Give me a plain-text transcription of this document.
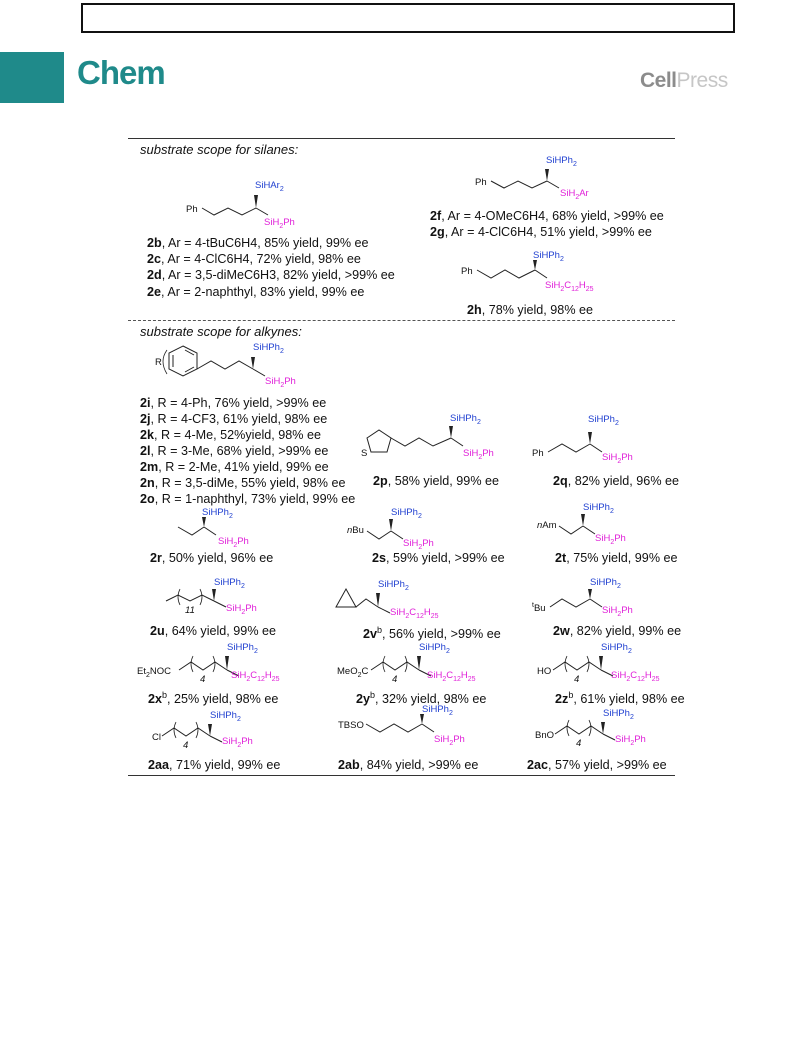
Chem	CellPress
substrate scope for silanes:
substrate scope for alkynes:
Ph
SiHAr$_2$
SiH$_2$Ph
Ph
SiHPh$_2$
SiH$_2$Ar
Ph
SiHPh$_2$
$SiH_2C_{12}H_{25}$
2b, Ar = 4-tBuC6H4, 85% yield, 99% ee
2c, Ar = 4-ClC6H4, 72% yield, 98% ee
2d, Ar = 3,5-diMeC6H3, 82% yield, >99% ee
2e, Ar = 2-naphthyl, 83% yield, 99% ee
2f, Ar = 4-OMeC6H4, 68% yield, >99% ee
2g, Ar = 4-ClC6H4, 51% yield, >99% ee
2h, 78% yield, 98% ee
R
SiHPh$_2$
SiH$_2$Ph
2i, R = 4-Ph, 76% yield, >99% ee
2j, R = 4-CF3, 61% yield, 98% ee
2k, R = 4-Me, 52%yield, 98% ee
2l, R = 3-Me, 68% yield, >99% ee
2m, R = 2-Me, 41% yield, 99% ee
2n, R = 3,5-diMe, 55% yield, 98% ee
2o, R = 1-naphthyl, 73% yield, 99% ee
S
SiHPh$_2$
SiH$_2$Ph
2p, 58% yield, 99% ee
Ph
SiHPh$_2$
SiH$_2$Ph
2q, 82% yield, 96% ee
SiHPh$_2$
SiH$_2$Ph
2r, 50% yield, 96% ee
nBu
SiHPh$_2$
SiH$_2$Ph
2s, 59% yield, >99% ee
nAm
SiHPh$_2$
SiH$_2$Ph
2t, 75% yield, 99% ee
11
SiHPh$_2$
SiH$_2$Ph
2u, 64% yield, 99% ee
SiHPh$_2$
$SiH_2C_{12}H_{25}$
$2v^b$, 56% yield, >99% ee
$^t$Bu
SiHPh$_2$
SiH$_2$Ph
2w, 82% yield, 99% ee
$Et_2NOC$
4
SiHPh$_2$
$SiH_2C_{12}H_{25}$
$2x^b$, 25% yield, 98% ee
MeO$_2$C
4
SiHPh$_2$
$SiH_2C_{12}H_{25}$
$2y^b$, 32% yield, 98% ee
HO
4
SiHPh$_2$
$SiH_2C_{12}H_{25}$
$2z^b$, 61% yield, 98% ee
Cl
4
SiHPh$_2$
SiH$_2$Ph
2aa, 71% yield, 99% ee
TBSO
SiHPh$_2$
SiH$_2$Ph
2ab, 84% yield, >99% ee
BnO
4
SiHPh$_2$
SiH$_2$Ph
2ac, 57% yield, >99% ee
